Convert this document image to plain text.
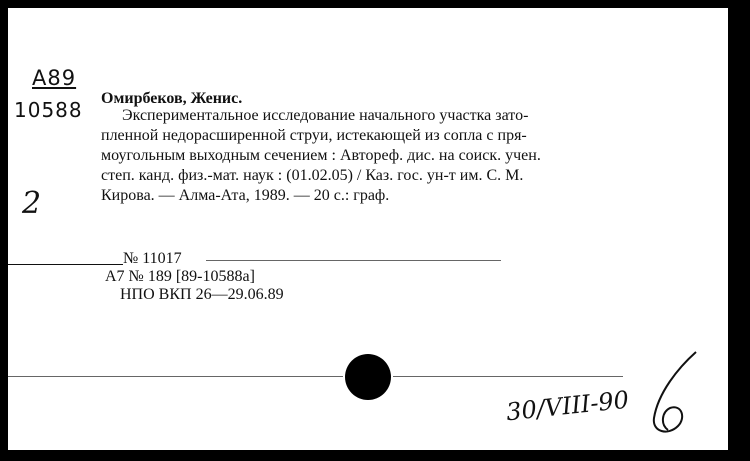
А89
10588
2
Омирбеков, Женис.
Экспериментальное исследование начального участка зато-
пленной недорасширенной струи, истекающей из сопла с пря-
моугольным выходным сечением : Автореф. дис. на соиск. учен.
степ. канд. физ.-мат. наук : (01.02.05) / Каз. гос. ун-т им. С. М.
Кирова. — Алма-Ата, 1989. — 20 с.: граф.
№ 11017
А7 № 189 [89-10588а]
НПО ВКП 26—29.06.89
30/VIII-90
